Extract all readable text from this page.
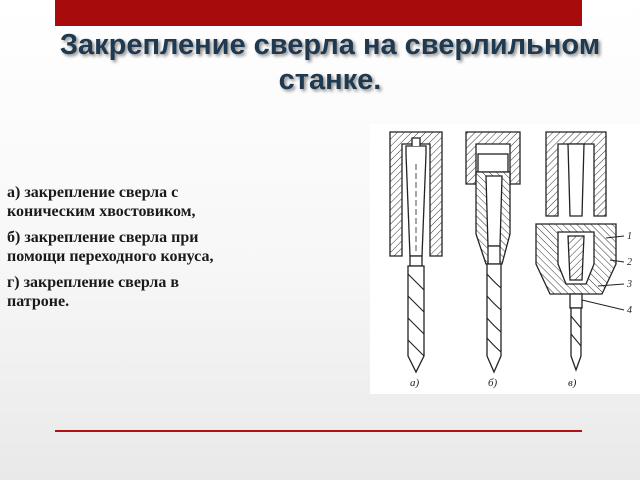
Закрепление сверла на сверлильном станке.
а) закрепление сверла с коническим хвостовиком,
б) закрепление сверла при помощи переходного конуса,
г) закрепление сверла в патроне.
а)	б)	в)
1
2
3
4
